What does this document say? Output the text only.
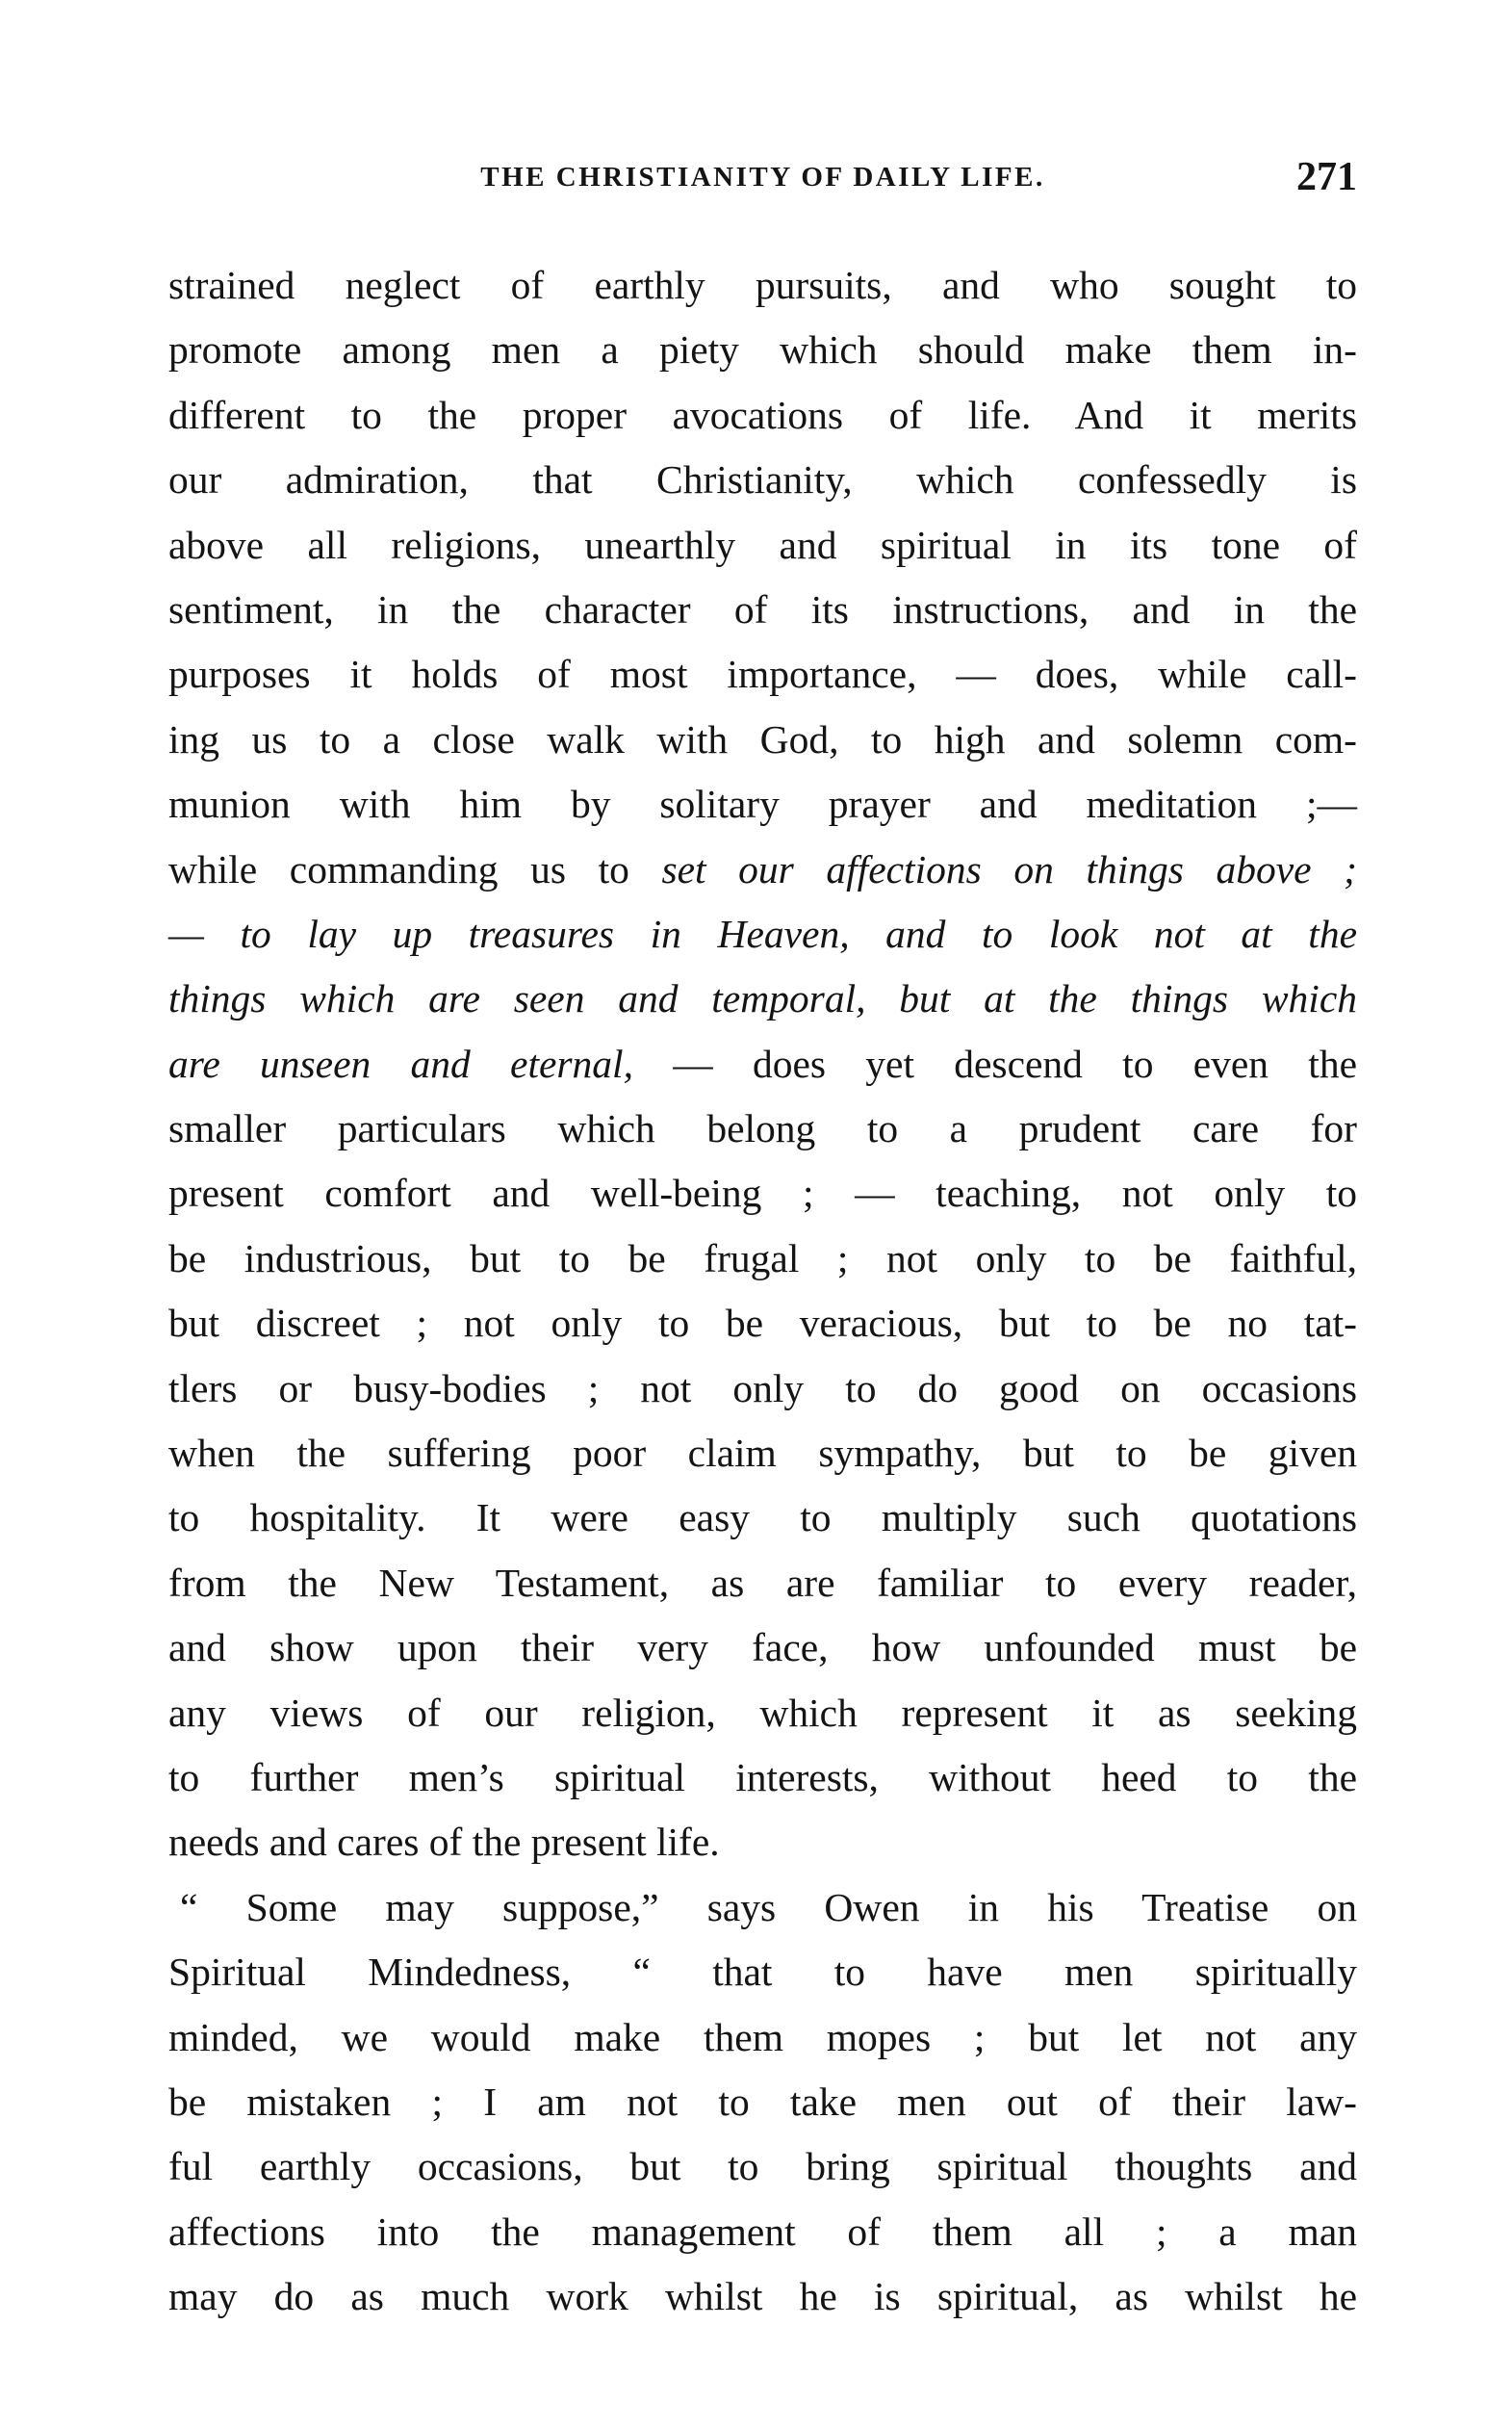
THE CHRISTIANITY OF DAILY LIFE.	271
strained neglect of earthly pursuits, and who sought to
promote among men a piety which should make them in-
different to the proper avocations of life. And it merits
our admiration, that Christianity, which confessedly is
above all religions, unearthly and spiritual in its tone of
sentiment, in the character of its instructions, and in the
purposes it holds of most importance, — does, while call-
ing us to a close walk with God, to high and solemn com-
munion with him by solitary prayer and meditation ;—
while commanding us to set our affections on things above ;
— to lay up treasures in Heaven, and to look not at the
things which are seen and temporal, but at the things which
are unseen and eternal, — does yet descend to even the
smaller particulars which belong to a prudent care for
present comfort and well-being ; — teaching, not only to
be industrious, but to be frugal ; not only to be faithful,
but discreet ; not only to be veracious, but to be no tat-
tlers or busy-bodies ; not only to do good on occasions
when the suffering poor claim sympathy, but to be given
to hospitality. It were easy to multiply such quotations
from the New Testament, as are familiar to every reader,
and show upon their very face, how unfounded must be
any views of our religion, which represent it as seeking
to further men’s spiritual interests, without heed to the
needs and cares of the present life.
“ Some may suppose,” says Owen in his Treatise on
Spiritual Mindedness, “ that to have men spiritually
minded, we would make them mopes ; but let not any
be mistaken ; I am not to take men out of their law-
ful earthly occasions, but to bring spiritual thoughts and
affections into the management of them all ; a man
may do as much work whilst he is spiritual, as whilst he
